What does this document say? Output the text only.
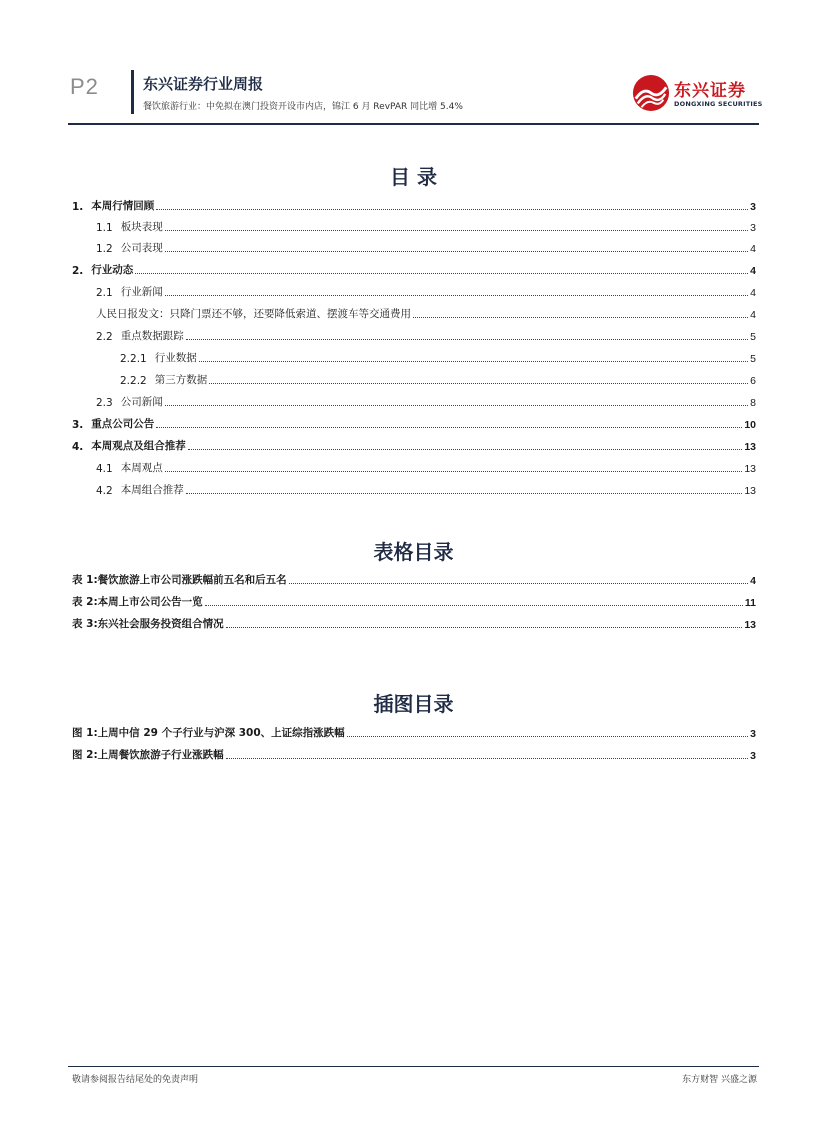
P2	东兴证券行业周报
餐饮旅游行业：中免拟在澳门投资开设市内店，锦江 6 月 RevPAR 同比增 5.4%
东兴证券
DONGXING SECURITIES
目 录
1. 本周行情回顾	3
1.1 板块表现	3
1.2 公司表现	4
2. 行业动态	4
2.1 行业新闻	4
人民日报发文：只降门票还不够，还要降低索道、摆渡车等交通费用	4
2.2 重点数据跟踪	5
2.2.1 行业数据	5
2.2.2 第三方数据	6
2.3 公司新闻	8
3. 重点公司公告	10
4. 本周观点及组合推荐	13
4.1 本周观点	13
4.2 本周组合推荐	13
表格目录
表 1:餐饮旅游上市公司涨跌幅前五名和后五名	4
表 2:本周上市公司公告一览	11
表 3:东兴社会服务投资组合情况	13
插图目录
图 1:上周中信 29 个子行业与沪深 300、上证综指涨跌幅	3
图 2:上周餐饮旅游子行业涨跌幅	3
敬请参阅报告结尾处的免责声明	东方财智 兴盛之源
